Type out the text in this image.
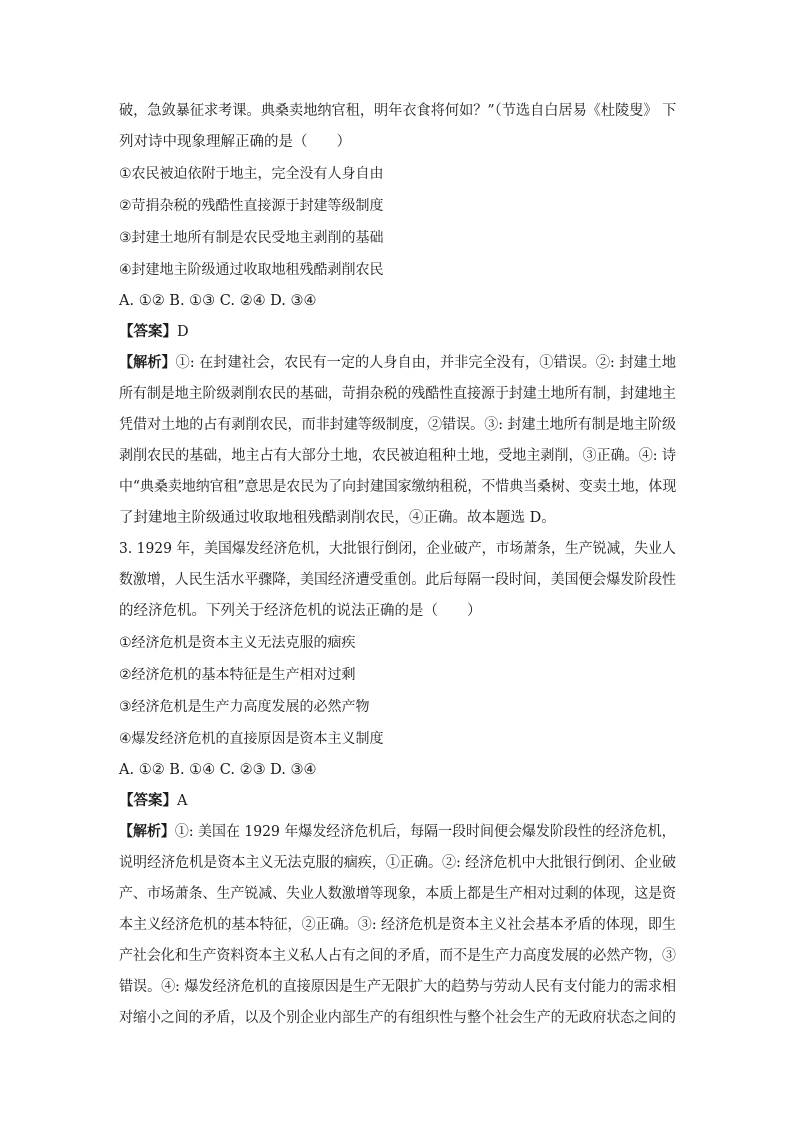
破，急敛暴征求考课。典桑卖地纳官租，明年衣食将何如？”（节选自白居易《杜陵叟》 下
列对诗中现象理解正确的是（　　）
①农民被迫依附于地主，完全没有人身自由
②苛捐杂税的残酷性直接源于封建等级制度
③封建土地所有制是农民受地主剥削的基础
④封建地主阶级通过收取地租残酷剥削农民
A. ①② B. ①③ C. ②④ D. ③④
【答案】D
【解析】①: 在封建社会，农民有一定的人身自由，并非完全没有，①错误。②: 封建土地
所有制是地主阶级剥削农民的基础，苛捐杂税的残酷性直接源于封建土地所有制，封建地主
凭借对土地的占有剥削农民，而非封建等级制度，②错误。③: 封建土地所有制是地主阶级
剥削农民的基础，地主占有大部分土地，农民被迫租种土地，受地主剥削，③正确。④: 诗
中“典桑卖地纳官租”意思是农民为了向封建国家缴纳租税，不惜典当桑树、变卖土地，体现
了封建地主阶级通过收取地租残酷剥削农民，④正确。故本题选 D。
3. 1929 年，美国爆发经济危机，大批银行倒闭，企业破产，市场萧条，生产锐减，失业人
数激增，人民生活水平骤降，美国经济遭受重创。此后每隔一段时间，美国便会爆发阶段性
的经济危机。下列关于经济危机的说法正确的是（　　）
①经济危机是资本主义无法克服的痼疾
②经济危机的基本特征是生产相对过剩
③经济危机是生产力高度发展的必然产物
④爆发经济危机的直接原因是资本主义制度
A. ①② B. ①④ C. ②③ D. ③④
【答案】A
【解析】①: 美国在 1929 年爆发经济危机后，每隔一段时间便会爆发阶段性的经济危机，
说明经济危机是资本主义无法克服的痼疾，①正确。②: 经济危机中大批银行倒闭、企业破
产、市场萧条、生产锐减、失业人数激增等现象，本质上都是生产相对过剩的体现，这是资
本主义经济危机的基本特征，②正确。③: 经济危机是资本主义社会基本矛盾的体现，即生
产社会化和生产资料资本主义私人占有之间的矛盾，而不是生产力高度发展的必然产物，③
错误。④: 爆发经济危机的直接原因是生产无限扩大的趋势与劳动人民有支付能力的需求相
对缩小之间的矛盾，以及个别企业内部生产的有组织性与整个社会生产的无政府状态之间的
